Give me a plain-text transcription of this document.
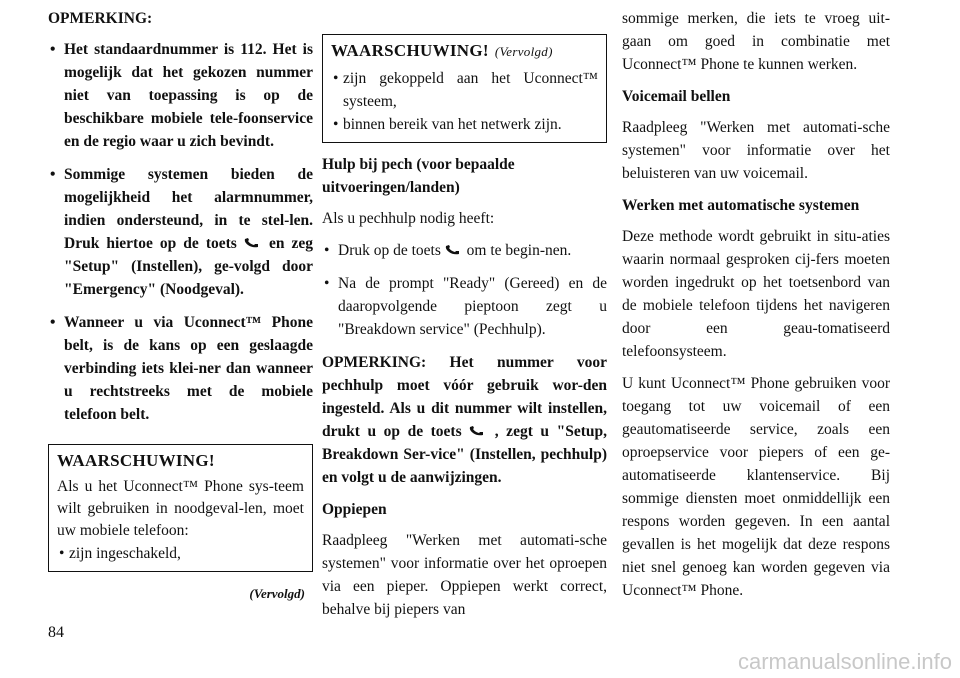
OPMERKING:
• Het standaardnummer is 112. Het is mogelijk dat het gekozen nummer niet van toepassing is op de beschikbare mobiele tele-foonservice en de regio waar u zich bevindt.
• Sommige systemen bieden de mogelijkheid het alarmnummer, indien ondersteund, in te stel-len. Druk hiertoe op de toets  en zeg "Setup" (Instellen), ge-volgd door "Emergency" (Noodgeval).
• Wanneer u via Uconnect™ Phone belt, is de kans op een geslaagde verbinding iets klei-ner dan wanneer u rechtstreeks met de mobiele telefoon belt.
WAARSCHUWING!
Als u het Uconnect™ Phone sys-teem wilt gebruiken in noodgeval-len, moet uw mobiele telefoon:
• zijn ingeschakeld,
(Vervolgd)
WAARSCHUWING! (Vervolgd)
• zijn gekoppeld aan het Uconnect™ systeem,
• binnen bereik van het netwerk zijn.
Hulp bij pech (voor bepaalde uitvoeringen/landen)

Als u pechhulp nodig heeft:

• Druk op de toets  om te begin-nen.
• Na de prompt "Ready" (Gereed) en de daaropvolgende pieptoon zegt u "Breakdown service" (Pechhulp).

OPMERKING: Het nummer voor pechhulp moet vóór gebruik wor-den ingesteld. Als u dit nummer wilt instellen, drukt u op de toets  , zegt u "Setup, Breakdown Ser-vice" (Instellen, pechhulp) en volgt u de aanwijzingen.

Oppiepen

Raadpleeg "Werken met automati-sche systemen" voor informatie over het oproepen via een pieper. Oppiepen werkt correct, behalve bij piepers van

sommige merken, die iets te vroeg uit-gaan om goed in combinatie met Uconnect™ Phone te kunnen werken.

Voicemail bellen

Raadpleeg "Werken met automati-sche systemen" voor informatie over het beluisteren van uw voicemail.

Werken met automatische systemen

Deze methode wordt gebruikt in situ-aties waarin normaal gesproken cij-fers moeten worden ingedrukt op het toetsenbord van de mobiele telefoon tijdens het navigeren door een geau-tomatiseerd telefoonsysteem.

U kunt Uconnect™ Phone gebruiken voor toegang tot uw voicemail of een geautomatiseerde service, zoals een oproepservice voor piepers of een ge-automatiseerde klantenservice. Bij sommige diensten moet onmiddellijk een respons worden gegeven. In een aantal gevallen is het mogelijk dat deze respons niet snel genoeg kan worden gegeven via Uconnect™ Phone.

84
carmanualsonline.info
